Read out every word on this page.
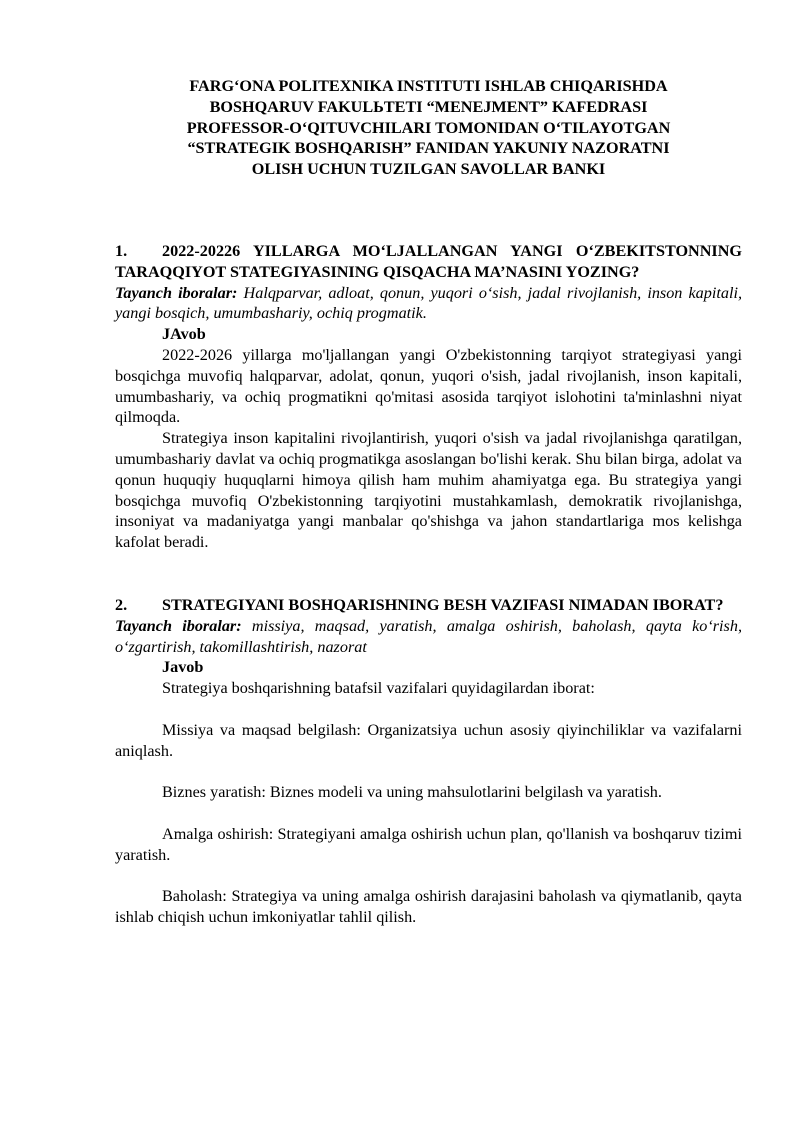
FARG‘ONA POLITEXNIKA INSTITUTI ISHLAB CHIQARISHDA
BOSHQARUV FAKULЬTETI “MENEJMENT” KAFEDRASI
PROFESSOR-O‘QITUVCHILARI TOMONIDAN O‘TILAYOTGAN
“STRATEGIK BOSHQARISH” FANIDAN YAKUNIY NAZORATNI
OLISH UCHUN TUZILGAN SAVOLLAR BANKI

1. 2022-20226 YILLARGA MO‘LJALLANGAN YANGI O‘ZBEKITSTONNING TARAQQIYOT STATEGIYASINING QISQACHA MA’NASINI YOZING?

Tayanch iboralar: Halqparvar, adloat, qonun, yuqori o‘sish, jadal rivojlanish, inson kapitali, yangi bosqich, umumbashariy, ochiq progmatik.

JAvob

2022-2026 yillarga mo'ljallangan yangi O'zbekistonning tarqiyot strategiyasi yangi bosqichga muvofiq halqparvar, adolat, qonun, yuqori o'sish, jadal rivojlanish, inson kapitali, umumbashariy, va ochiq progmatikni qo'mitasi asosida tarqiyot islohotini ta'minlashni niyat qilmoqda.

Strategiya inson kapitalini rivojlantirish, yuqori o'sish va jadal rivojlanishga qaratilgan, umumbashariy davlat va ochiq progmatikga asoslangan bo'lishi kerak. Shu bilan birga, adolat va qonun huquqiy huquqlarni himoya qilish ham muhim ahamiyatga ega. Bu strategiya yangi bosqichga muvofiq O'zbekistonning tarqiyotini mustahkamlash, demokratik rivojlanishga, insoniyat va madaniyatga yangi manbalar qo'shishga va jahon standartlariga mos kelishga kafolat beradi.

2. STRATEGIYANI BOSHQARISHNING BESH VAZIFASI NIMADAN IBORAT?

Tayanch iboralar: missiya, maqsad, yaratish, amalga oshirish, baholash, qayta ko‘rish, o‘zgartirish, takomillashtirish, nazorat

Javob

Strategiya boshqarishning batafsil vazifalari quyidagilardan iborat:

Missiya va maqsad belgilash: Organizatsiya uchun asosiy qiyinchiliklar va vazifalarni aniqlash.

Biznes yaratish: Biznes modeli va uning mahsulotlarini belgilash va yaratish.

Amalga oshirish: Strategiyani amalga oshirish uchun plan, qo'llanish va boshqaruv tizimi yaratish.

Baholash: Strategiya va uning amalga oshirish darajasini baholash va qiymatlanib, qayta ishlab chiqish uchun imkoniyatlar tahlil qilish.
